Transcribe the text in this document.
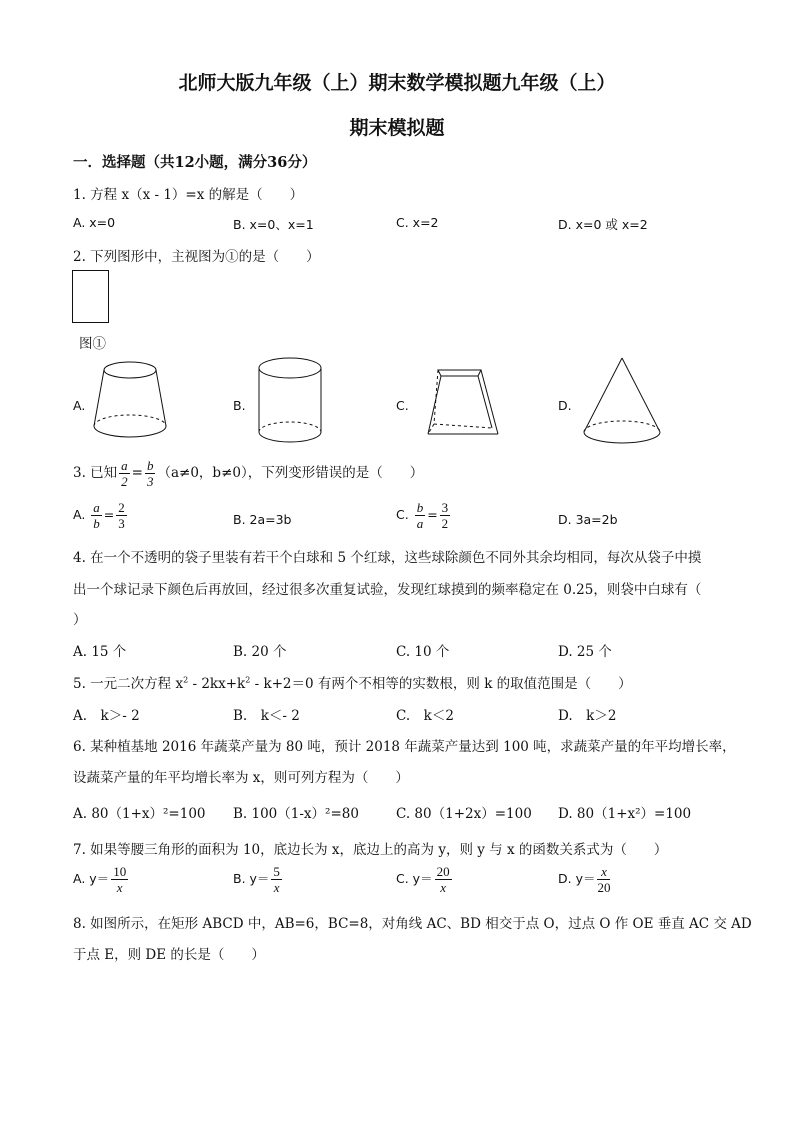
北师大版九年级（上）期末数学模拟题九年级（上）
期末模拟题
一．选择题（共12小题，满分36分）
1. 方程 x（x - 1）=x 的解是（　　）
A. x=0	B. x=0、x=1	C. x=2	D. x=0 或 x=2
2. 下列图形中，主视图为①的是（　　）
图①
A.	B.	C.	D.
3. 已知 $\frac{a}{2} = \frac{b}{3} (a\ne 0$，b≠0），下列变形错误的是（　　）
A. $\frac{a}{b} = \frac{2}{3}$	B. 2a=3b	C. $\frac{b}{a} = \frac{3}{2}$	D. 3a=2b
4. 在一个不透明的袋子里装有若干个白球和 5 个红球，这些球除颜色不同外其余均相同，每次从袋子中摸
出一个球记录下颜色后再放回，经过很多次重复试验，发现红球摸到的频率稳定在 0.25，则袋中白球有（
）
A. 15 个	B. 20 个	C. 10 个	D. 25 个
5. 一元二次方程 $x^2 - 2kx+k^2 - k+2=0$ 有两个不相等的实数根，则 k 的取值范围是（　　）
A.　k＞- 2	B.　k＜- 2	C.　k＜2	D.　k＞2
6. 某种植基地 2016 年蔬菜产量为 80 吨，预计 2018 年蔬菜产量达到 100 吨，求蔬菜产量的年平均增长率，
设蔬菜产量的年平均增长率为 x，则可列方程为（　　）
A. 80（1+x）²=100 B. 100（1-x）²=80	C. 80（1+2x）=100 D. 80（1+x²）=100
7. 如果等腰三角形的面积为 10，底边长为 x，底边上的高为 y，则 y 与 x 的函数关系式为（　　）
A. $y= \frac{10}{x}$	B. $y= \frac{5}{x}$	C. $y= \frac{20}{x}$	D. $y= \frac{x}{20}$
8. 如图所示，在矩形 ABCD 中，AB=6，BC=8，对角线 AC、BD 相交于点 O，过点 O 作 OE 垂直 AC 交 AD
于点 E，则 DE 的长是（　　）
